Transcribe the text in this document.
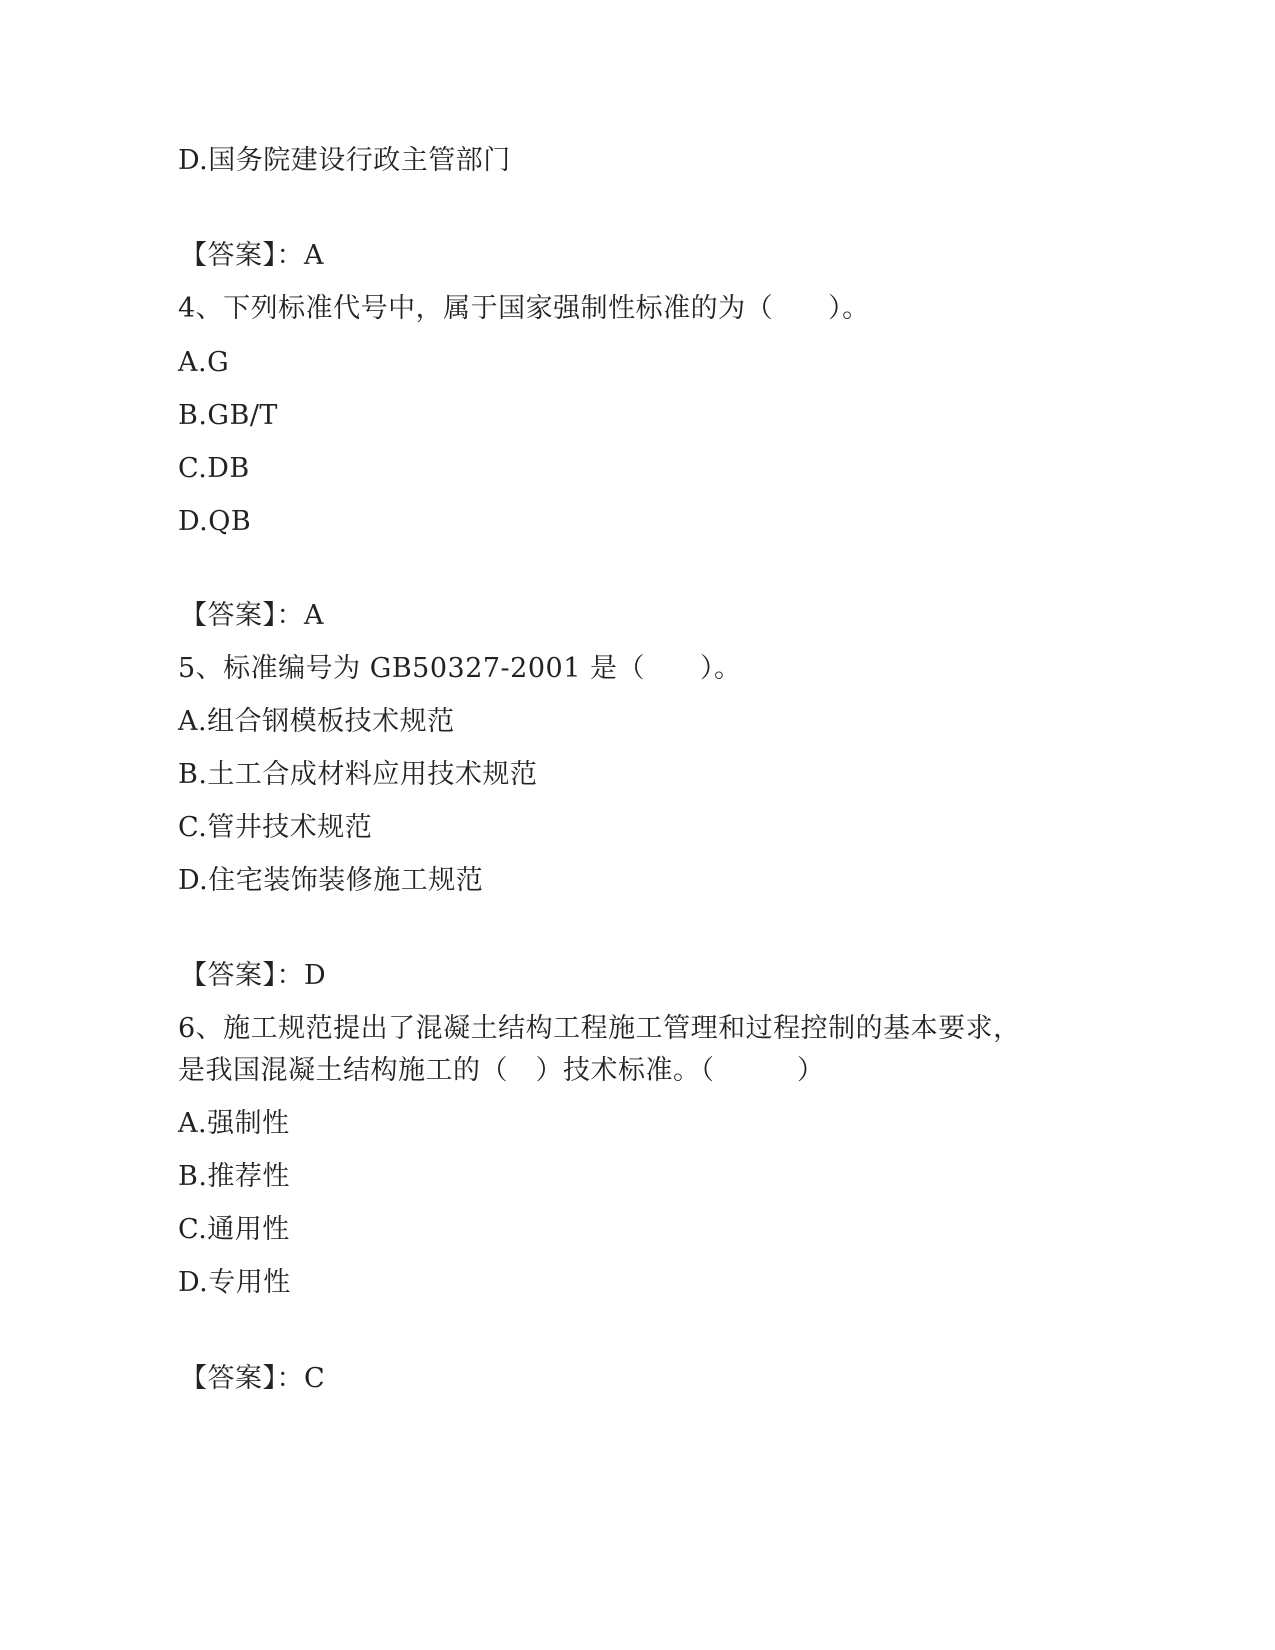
D.国务院建设行政主管部门
【答案】：A
4、下列标准代号中，属于国家强制性标准的为（　　）。
A.G
B.GB/T
C.DB
D.QB
【答案】：A
5、标准编号为 GB50327-2001 是（　　）。
A.组合钢模板技术规范
B.土工合成材料应用技术规范
C.管井技术规范
D.住宅装饰装修施工规范
【答案】：D
6、施工规范提出了混凝土结构工程施工管理和过程控制的基本要求，
是我国混凝土结构施工的（　）技术标准。（　　　）
A.强制性
B.推荐性
C.通用性
D.专用性
【答案】：C
